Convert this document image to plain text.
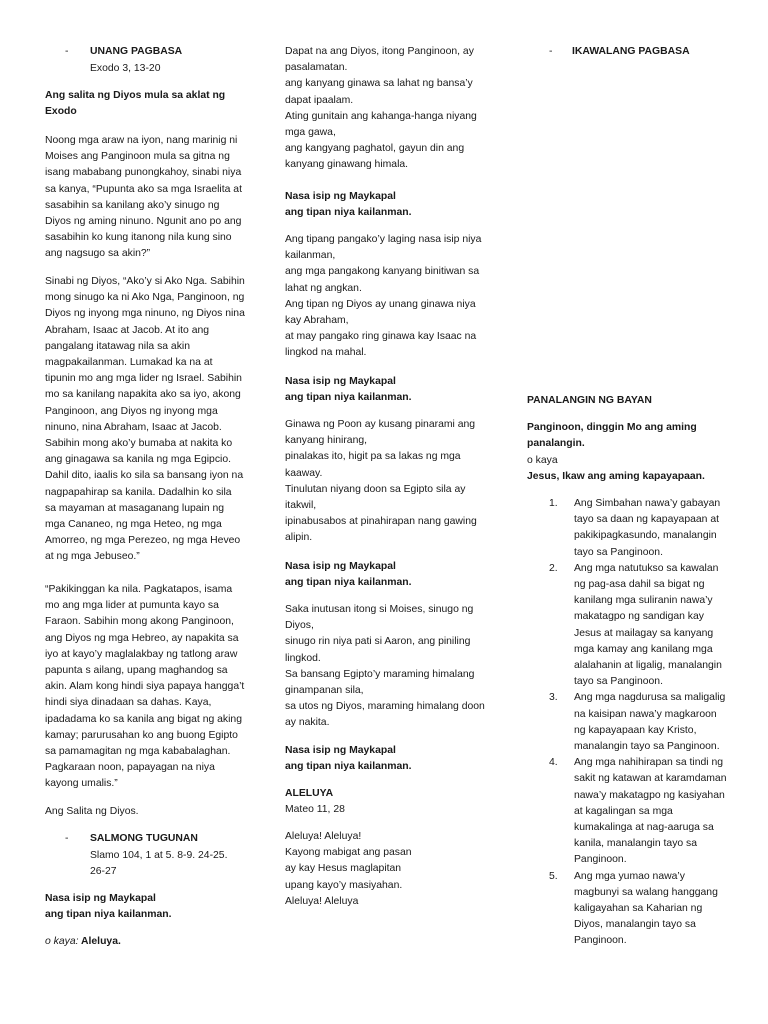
- UNANG PAGBASA
Exodo 3, 13-20

Ang salita ng Diyos mula sa aklat ng Exodo

Noong mga araw na iyon, nang marinig ni Moises ang Panginoon mula sa gitna ng isang mababang punongkahoy, sinabi niya sa kanya, “Pupunta ako sa mga Israelita at sasabihin sa kanilang ako’y sinugo ng Diyos ng aming ninuno. Ngunit ano po ang sasabihin ko kung itanong nila kung sino ang nagsugo sa akin?”

Sinabi ng Diyos, “Ako’y si Ako Nga. Sabihin mong sinugo ka ni Ako Nga, Panginoon, ng Diyos ng inyong mga ninuno, ng Diyos nina Abraham, Isaac at Jacob. At ito ang pangalang itatawag nila sa akin magpakailanman. Lumakad ka na at tipunin mo ang mga lider ng Israel. Sabihin mo sa kanilang napakita ako sa iyo, akong Panginoon, ang Diyos ng inyong mga ninuno, nina Abraham, Isaac at Jacob. Sabihin mong ako’y bumaba at nakita ko ang ginagawa sa kanila ng mga Egipcio. Dahil dito, iaalis ko sila sa bansang iyon na nagpapahirap sa kanila. Dadalhin ko sila sa mayaman at masaganang lupain ng mga Cananeo, ng mga Heteo, ng mga Amorreo, ng mga Perezeo, ng mga Heveo at ng mga Jebuseo.”

“Pakikinggan ka nila. Pagkatapos, isama mo ang mga lider at pumunta kayo sa Faraon. Sabihin mong akong Panginoon, ang Diyos ng mga Hebreo, ay napakita sa iyo at kayo’y maglalakbay ng tatlong araw papunta s ailang, upang maghandog sa akin. Alam kong hindi siya papaya hangga’t hindi siya dinadaan sa dahas. Kaya, ipadadama ko sa kanila ang bigat ng aking kamay; parurusahan ko ang buong Egipto sa pamamagitan ng mga kababalaghan. Pagkaraan noon, papayagan na niya kayong umalis.”

Ang Salita ng Diyos.

- SALMONG TUGUNAN
Slamo 104, 1 at 5. 8-9. 24-25.
26-27

Nasa isip ng Maykapal

ang tipan niya kailanman.

o kaya: Aleluya.

Dapat na ang Diyos, itong Panginoon, ay pasalamatan.

ang kanyang ginawa sa lahat ng bansa’y dapat ipaalam.

Ating gunitain ang kahanga-hanga niyang mga gawa,

ang kangyang paghatol, gayun din ang kanyang ginawang himala.

Nasa isip ng Maykapal

ang tipan niya kailanman.

Ang tipang pangako’y laging nasa isip niya kailanman,

ang mga pangakong kanyang binitiwan sa lahat ng angkan.

Ang tipan ng Diyos ay unang ginawa niya kay Abraham,

at may pangako ring ginawa kay Isaac na lingkod na mahal.

Nasa isip ng Maykapal

ang tipan niya kailanman.

Ginawa ng Poon ay kusang pinarami ang kanyang hinirang,

pinalakas ito, higit pa sa lakas ng mga kaaway.

Tinulutan niyang doon sa Egipto sila ay itakwil,

ipinabusabos at pinahirapan nang gawing alipin.

Nasa isip ng Maykapal

ang tipan niya kailanman.

Saka inutusan itong si Moises, sinugo ng Diyos,

sinugo rin niya pati si Aaron, ang piniling lingkod.

Sa bansang Egipto’y maraming himalang ginampanan sila,

sa utos ng Diyos, maraming himalang doon ay nakita.

Nasa isip ng Maykapal

ang tipan niya kailanman.

ALELUYA

Mateo 11, 28

Aleluya! Aleluya!

Kayong mabigat ang pasan

ay kay Hesus maglapitan

upang kayo’y masiyahan.

Aleluya! Aleluya

- IKAWALANG PAGBASA

PANALANGIN NG BAYAN

Panginoon, dinggin Mo ang aming

panalangin.

o kaya

Jesus, Ikaw ang aming kapayapaan.

1. Ang Simbahan nawa’y gabayan tayo sa daan ng kapayapaan at pakikipagkasundo, manalangin tayo sa Panginoon.
2. Ang mga natutukso sa kawalan ng pag-asa dahil sa bigat ng kanilang mga suliranin nawa’y makatagpo ng sandigan kay Jesus at mailagay sa kanyang mga kamay ang kanilang mga alalahanin at ligalig, manalangin tayo sa Panginoon.
3. Ang mga nagdurusa sa maligalig na kaisipan nawa’y magkaroon ng kapayapaan kay Kristo, manalangin tayo sa Panginoon.
4. Ang mga nahihirapan sa tindi ng sakit ng katawan at karamdaman nawa’y makatagpo ng kasiyahan at kagalingan sa mga kumakalinga at nag-aaruga sa kanila, manalangin tayo sa Panginoon.
5. Ang mga yumao nawa’y magbunyi sa walang hanggang kaligayahan sa Kaharian ng Diyos, manalangin tayo sa Panginoon.
